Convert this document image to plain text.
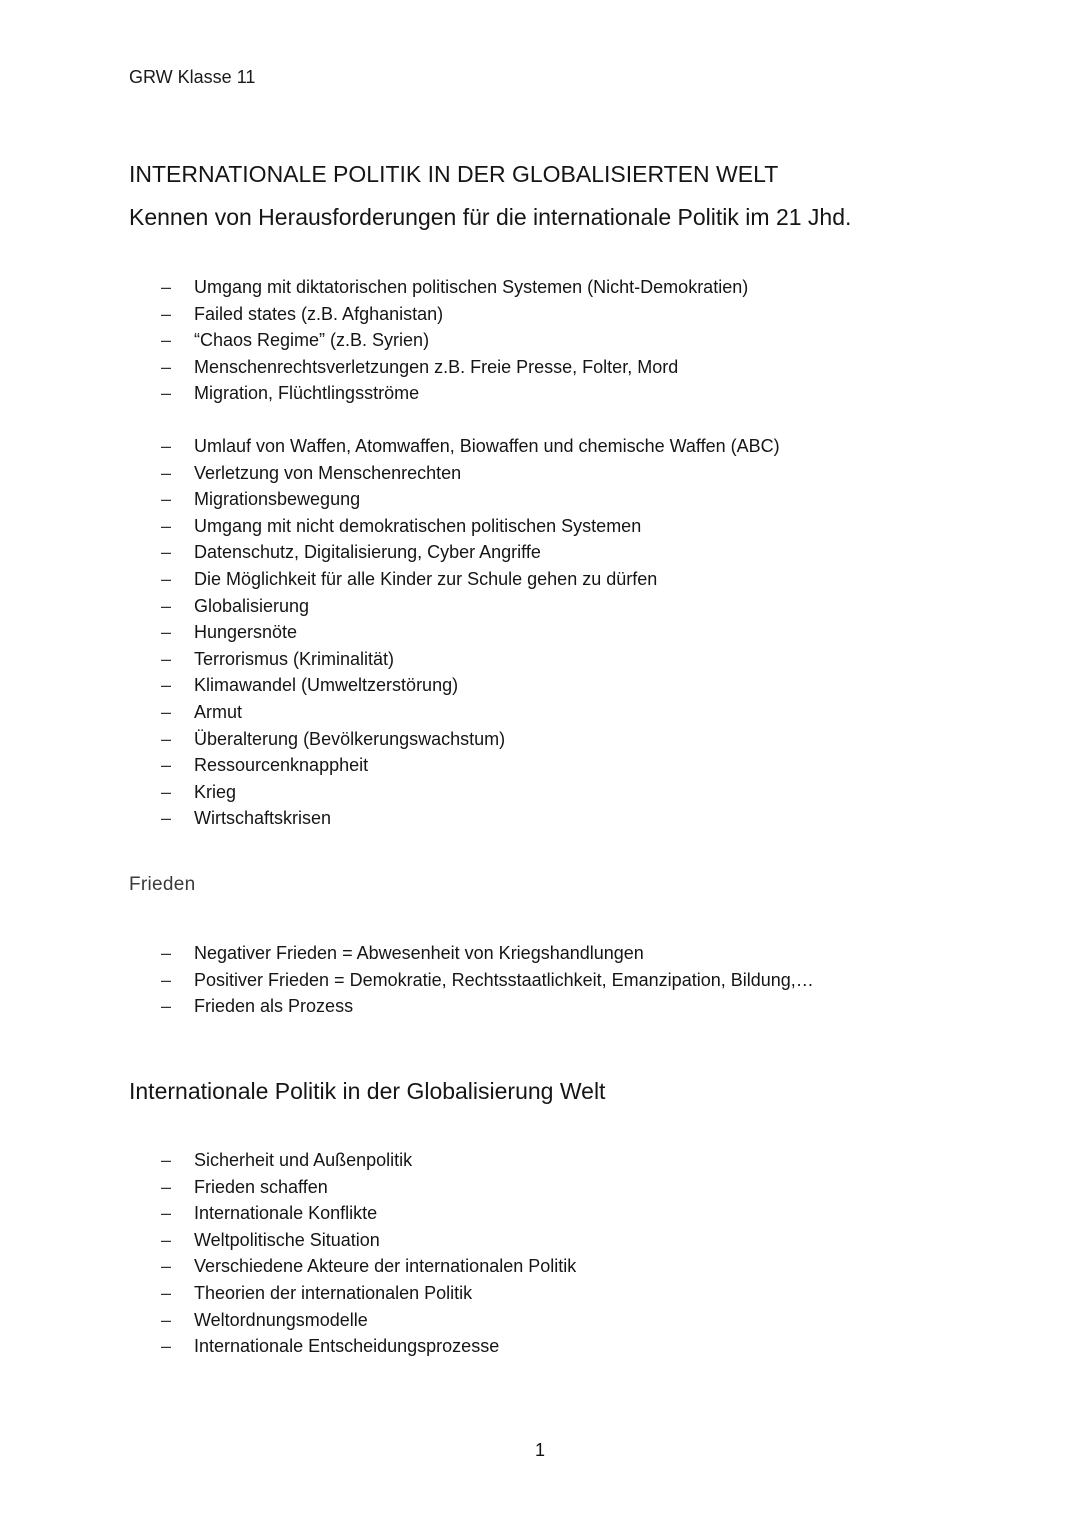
GRW Klasse 11
INTERNATIONALE POLITIK IN DER GLOBALISIERTEN WELT
Kennen von Herausforderungen für die internationale Politik im 21 Jhd.
– Umgang mit diktatorischen politischen Systemen (Nicht-Demokratien)
– Failed states (z.B. Afghanistan)
– “Chaos Regime” (z.B. Syrien)
– Menschenrechtsverletzungen z.B. Freie Presse, Folter, Mord
– Migration, Flüchtlingsströme
– Umlauf von Waffen, Atomwaffen, Biowaffen und chemische Waffen (ABC)
– Verletzung von Menschenrechten
– Migrationsbewegung
– Umgang mit nicht demokratischen politischen Systemen
– Datenschutz, Digitalisierung, Cyber Angriffe
– Die Möglichkeit für alle Kinder zur Schule gehen zu dürfen
– Globalisierung
– Hungersnöte
– Terrorismus (Kriminalität)
– Klimawandel (Umweltzerstörung)
– Armut
– Überalterung (Bevölkerungswachstum)
– Ressourcenknappheit
– Krieg
– Wirtschaftskrisen
Frieden
– Negativer Frieden = Abwesenheit von Kriegshandlungen
– Positiver Frieden = Demokratie, Rechtsstaatlichkeit, Emanzipation, Bildung,…
– Frieden als Prozess
Internationale Politik in der Globalisierung Welt
– Sicherheit und Außenpolitik
– Frieden schaffen
– Internationale Konflikte
– Weltpolitische Situation
– Verschiedene Akteure der internationalen Politik
– Theorien der internationalen Politik
– Weltordnungsmodelle
– Internationale Entscheidungsprozesse
1
